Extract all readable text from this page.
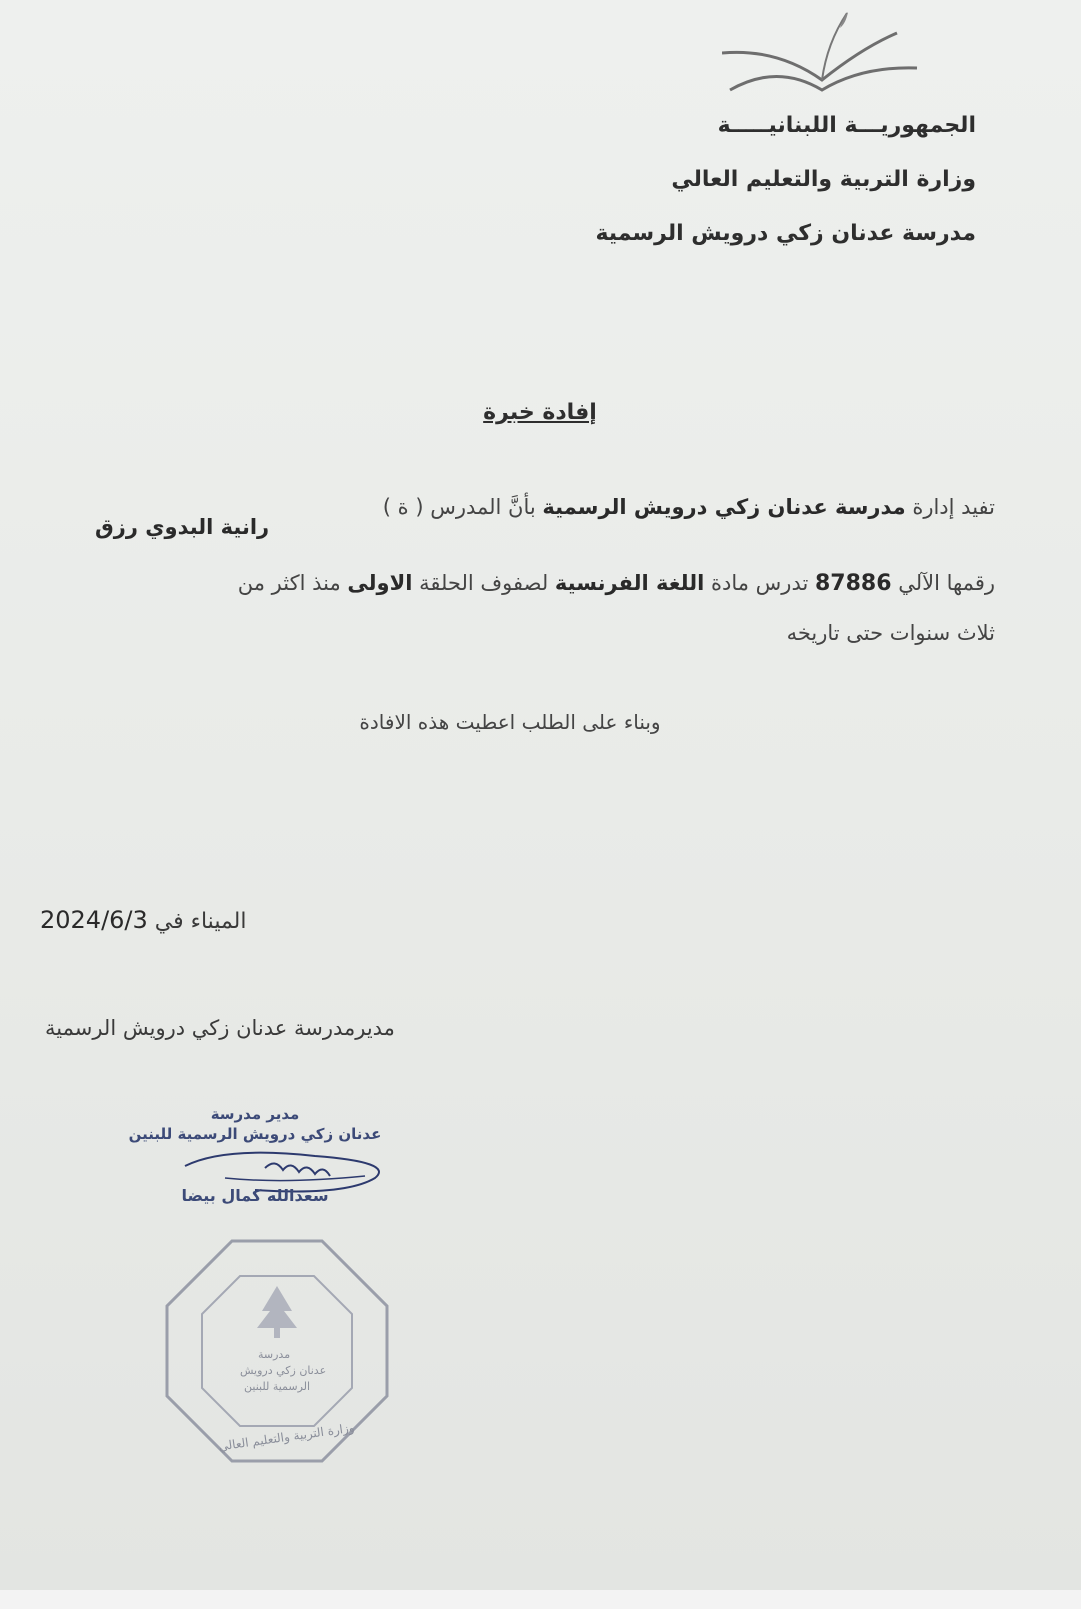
الجمهوريـــة اللبنانيـــــة
وزارة التربية والتعليم العالي
مدرسة عدنان زكي درويش الرسمية
إفادة خبرة
تفيد إدارة مدرسة عدنان زكي درويش الرسمية بأنَّ المدرس ( ة )
رانية البدوي رزق
رقمها الآلي 87886 تدرس مادة اللغة الفرنسية لصفوف الحلقة الاولى منذ اكثر من
ثلاث سنوات حتى تاريخه
وبناء على الطلب اعطيت هذه الافادة
الميناء في 2024/6/3
مديرمدرسة عدنان زكي درويش الرسمية
مدير مدرسة
عدنان زكي درويش الرسمية للبنين
سعدالله كمال بيضا
مدرسة
عدنان زكي درويش
الرسمية للبنين
وزارة التربية والتعليم العالي
